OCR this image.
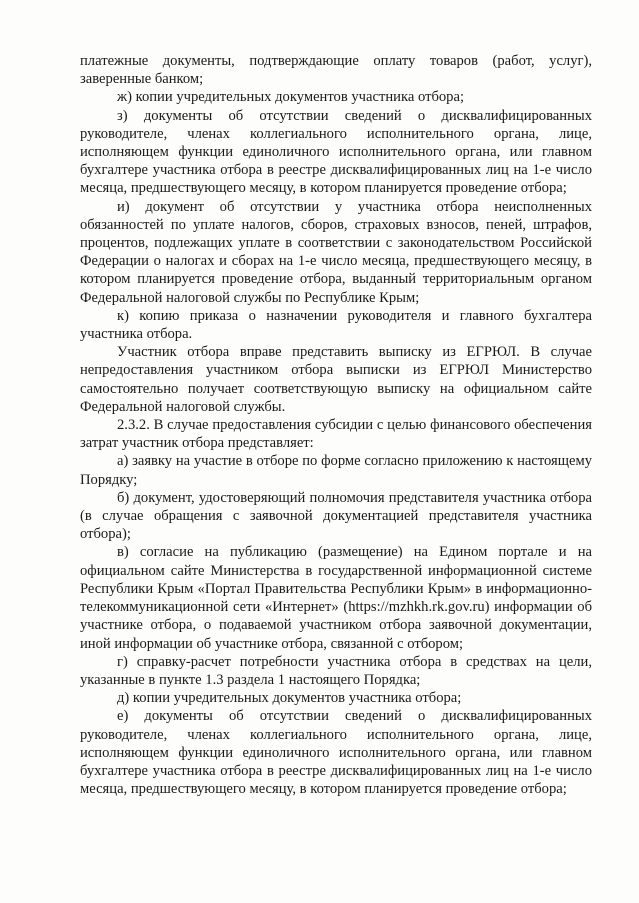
платежные документы, подтверждающие оплату товаров (работ, услуг), заверенные банком;

ж) копии учредительных документов участника отбора;

з) документы об отсутствии сведений о дисквалифицированных руководителе, членах коллегиального исполнительного органа, лице, исполняющем функции единоличного исполнительного органа, или главном бухгалтере участника отбора в реестре дисквалифицированных лиц на 1-е число месяца, предшествующего месяцу, в котором планируется проведение отбора;

и) документ об отсутствии у участника отбора неисполненных обязанностей по уплате налогов, сборов, страховых взносов, пеней, штрафов, процентов, подлежащих уплате в соответствии с законодательством Российской Федерации о налогах и сборах на 1-е число месяца, предшествующего месяцу, в котором планируется проведение отбора, выданный территориальным органом Федеральной налоговой службы по Республике Крым;

к) копию приказа о назначении руководителя и главного бухгалтера участника отбора.

Участник отбора вправе представить выписку из ЕГРЮЛ. В случае непредоставления участником отбора выписки из ЕГРЮЛ Министерство самостоятельно получает соответствующую выписку на официальном сайте Федеральной налоговой службы.

2.3.2. В случае предоставления субсидии с целью финансового обеспечения затрат участник отбора представляет:

а) заявку на участие в отборе по форме согласно приложению к настоящему Порядку;

б) документ, удостоверяющий полномочия представителя участника отбора (в случае обращения с заявочной документацией представителя участника отбора);

в) согласие на публикацию (размещение) на Едином портале и на официальном сайте Министерства в государственной информационной системе Республики Крым «Портал Правительства Республики Крым» в информационно-телекоммуникационной сети «Интернет» (https://mzhkh.rk.gov.ru) информации об участнике отбора, о подаваемой участником отбора заявочной документации, иной информации об участнике отбора, связанной с отбором;

г) справку-расчет потребности участника отбора в средствах на цели, указанные в пункте 1.3 раздела 1 настоящего Порядка;

д) копии учредительных документов участника отбора;

е) документы об отсутствии сведений о дисквалифицированных руководителе, членах коллегиального исполнительного органа, лице, исполняющем функции единоличного исполнительного органа, или главном бухгалтере участника отбора в реестре дисквалифицированных лиц на 1-е число месяца, предшествующего месяцу, в котором планируется проведение отбора;
